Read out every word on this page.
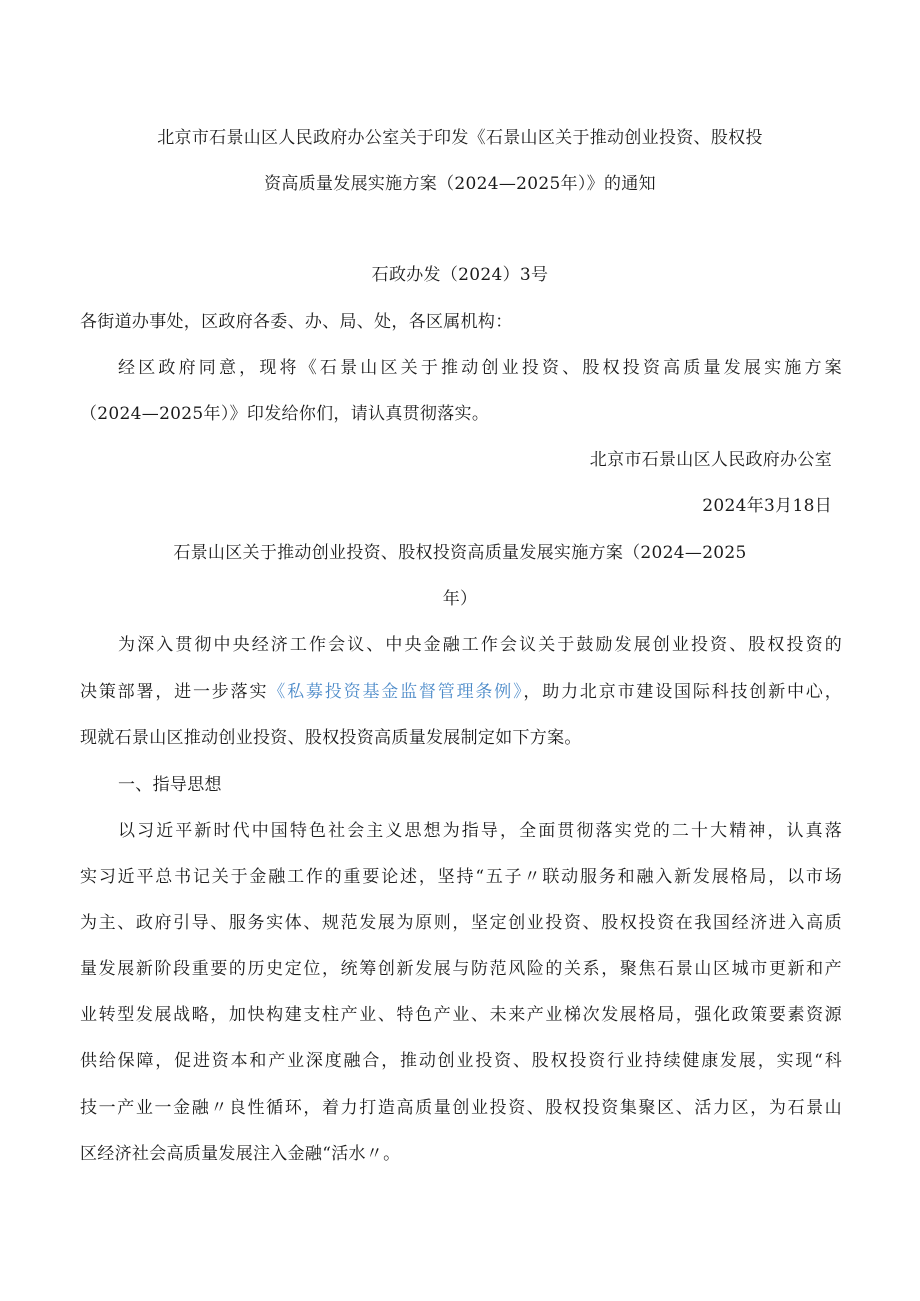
北京市石景山区人民政府办公室关于印发《石景山区关于推动创业投资、股权投
资高质量发展实施方案（2024—2025年）》的通知
石政办发（2024）3号
各街道办事处，区政府各委、办、局、处，各区属机构：
经区政府同意，现将《石景山区关于推动创业投资、股权投资高质量发展实施方案
（2024—2025年）》印发给你们，请认真贯彻落实。
北京市石景山区人民政府办公室
2024年3月18日
石景山区关于推动创业投资、股权投资高质量发展实施方案（2024—2025
年）
为深入贯彻中央经济工作会议、中央金融工作会议关于鼓励发展创业投资、股权投资的
决策部署，进一步落实《私募投资基金监督管理条例》，助力北京市建设国际科技创新中心，
现就石景山区推动创业投资、股权投资高质量发展制定如下方案。
一、指导思想
以习近平新时代中国特色社会主义思想为指导，全面贯彻落实党的二十大精神，认真落
实习近平总书记关于金融工作的重要论述，坚持“五子〃联动服务和融入新发展格局，以市场
为主、政府引导、服务实体、规范发展为原则，坚定创业投资、股权投资在我国经济进入高质
量发展新阶段重要的历史定位，统筹创新发展与防范风险的关系，聚焦石景山区城市更新和产
业转型发展战略，加快构建支柱产业、特色产业、未来产业梯次发展格局，强化政策要素资源
供给保障，促进资本和产业深度融合，推动创业投资、股权投资行业持续健康发展，实现“科
技一产业一金融〃良性循环，着力打造高质量创业投资、股权投资集聚区、活力区，为石景山
区经济社会高质量发展注入金融“活水〃。
